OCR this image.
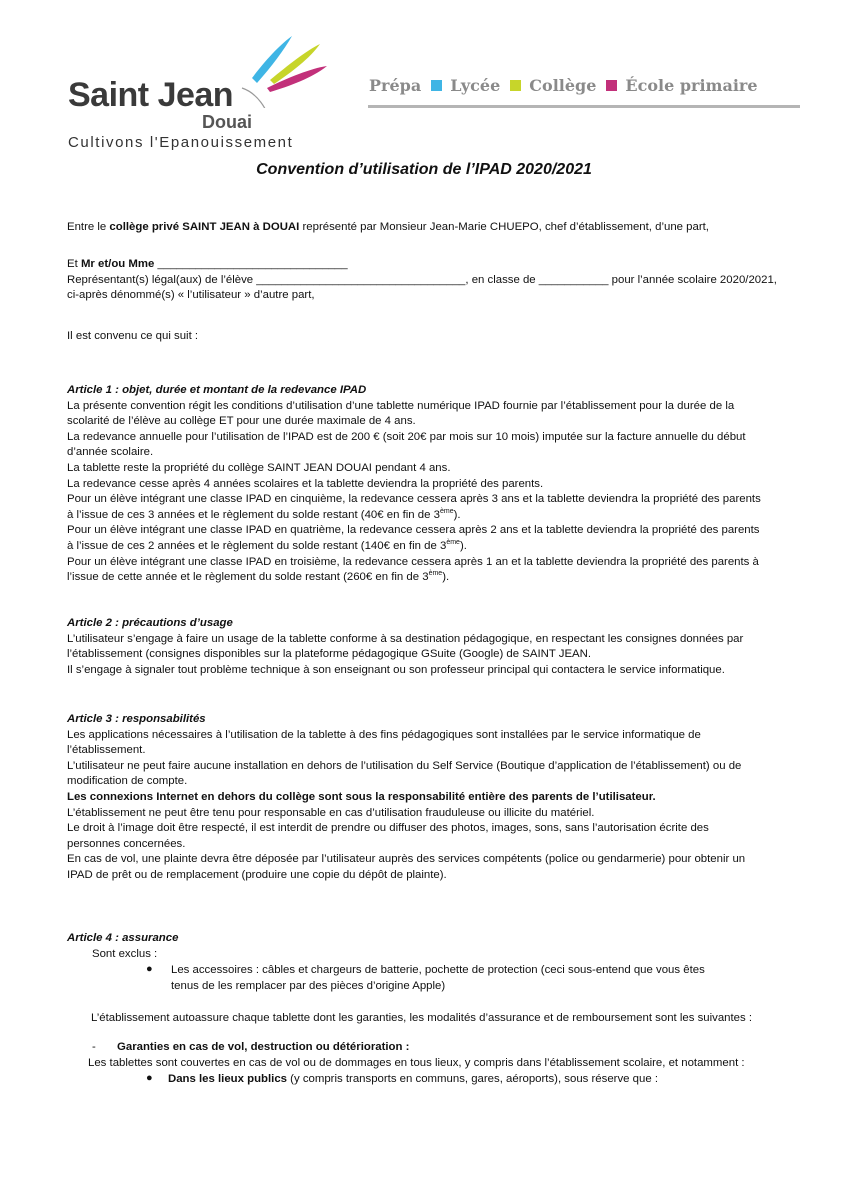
Saint Jean
Douai
Cultivons l'Epanouissement
Prépa Lycée Collège École primaire
Convention d’utilisation de l’IPAD 2020/2021
Entre le collège privé SAINT JEAN à DOUAI représenté par Monsieur Jean-Marie CHUEPO, chef d’établissement, d’une part,
Et Mr et/ou Mme ______________________________
Représentant(s) légal(aux) de l’élève _________________________________, en classe de ___________ pour l’année scolaire 2020/2021,
ci-après dénommé(s) « l’utilisateur » d’autre part,
Il est convenu ce qui suit :
Article 1 : objet, durée et montant de la redevance IPAD
La présente convention régit les conditions d’utilisation d’une tablette numérique IPAD fournie par l’établissement pour la durée de la
scolarité de l’élève au collège ET pour une durée maximale de 4 ans.
La redevance annuelle pour l’utilisation de l’IPAD est de 200 € (soit 20€ par mois sur 10 mois) imputée sur la facture annuelle du début
d’année scolaire.
La tablette reste la propriété du collège SAINT JEAN DOUAI pendant 4 ans.
La redevance cesse après 4 années scolaires et la tablette deviendra la propriété des parents.
Pour un élève intégrant une classe IPAD en cinquième, la redevance cessera après 3 ans et la tablette deviendra la propriété des parents
à l’issue de ces 3 années et le règlement du solde restant (40€ en fin de 3ème).
Pour un élève intégrant une classe IPAD en quatrième, la redevance cessera après 2 ans et la tablette deviendra la propriété des parents
à l’issue de ces 2 années et le règlement du solde restant (140€ en fin de 3ème).
Pour un élève intégrant une classe IPAD en troisième, la redevance cessera après 1 an et la tablette deviendra la propriété des parents à
l’issue de cette année et le règlement du solde restant (260€ en fin de 3ème).
Article 2 : précautions d’usage
L’utilisateur s’engage à faire un usage de la tablette conforme à sa destination pédagogique, en respectant les consignes données par
l’établissement (consignes disponibles sur la plateforme pédagogique GSuite (Google) de SAINT JEAN.
Il s’engage à signaler tout problème technique à son enseignant ou son professeur principal qui contactera le service informatique.
Article 3 : responsabilités
Les applications nécessaires à l’utilisation de la tablette à des fins pédagogiques sont installées par le service informatique de
l’établissement.
L’utilisateur ne peut faire aucune installation en dehors de l’utilisation du Self Service (Boutique d’application de l’établissement) ou de
modification de compte.
Les connexions Internet en dehors du collège sont sous la responsabilité entière des parents de l’utilisateur.
L’établissement ne peut être tenu pour responsable en cas d’utilisation frauduleuse ou illicite du matériel.
Le droit à l’image doit être respecté, il est interdit de prendre ou diffuser des photos, images, sons, sans l’autorisation écrite des
personnes concernées.
En cas de vol, une plainte devra être déposée par l’utilisateur auprès des services compétents (police ou gendarmerie) pour obtenir un
IPAD de prêt ou de remplacement (produire une copie du dépôt de plainte).
Article 4 : assurance
Sont exclus :
● Les accessoires : câbles et chargeurs de batterie, pochette de protection (ceci sous-entend que vous êtes
tenus de les remplacer par des pièces d’origine Apple)
L’établissement autoassure chaque tablette dont les garanties, les modalités d’assurance et de remboursement sont les suivantes :
-	Garanties en cas de vol, destruction ou détérioration :
Les tablettes sont couvertes en cas de vol ou de dommages en tous lieux, y compris dans l’établissement scolaire, et notamment :
● Dans les lieux publics (y compris transports en communs, gares, aéroports), sous réserve que :
